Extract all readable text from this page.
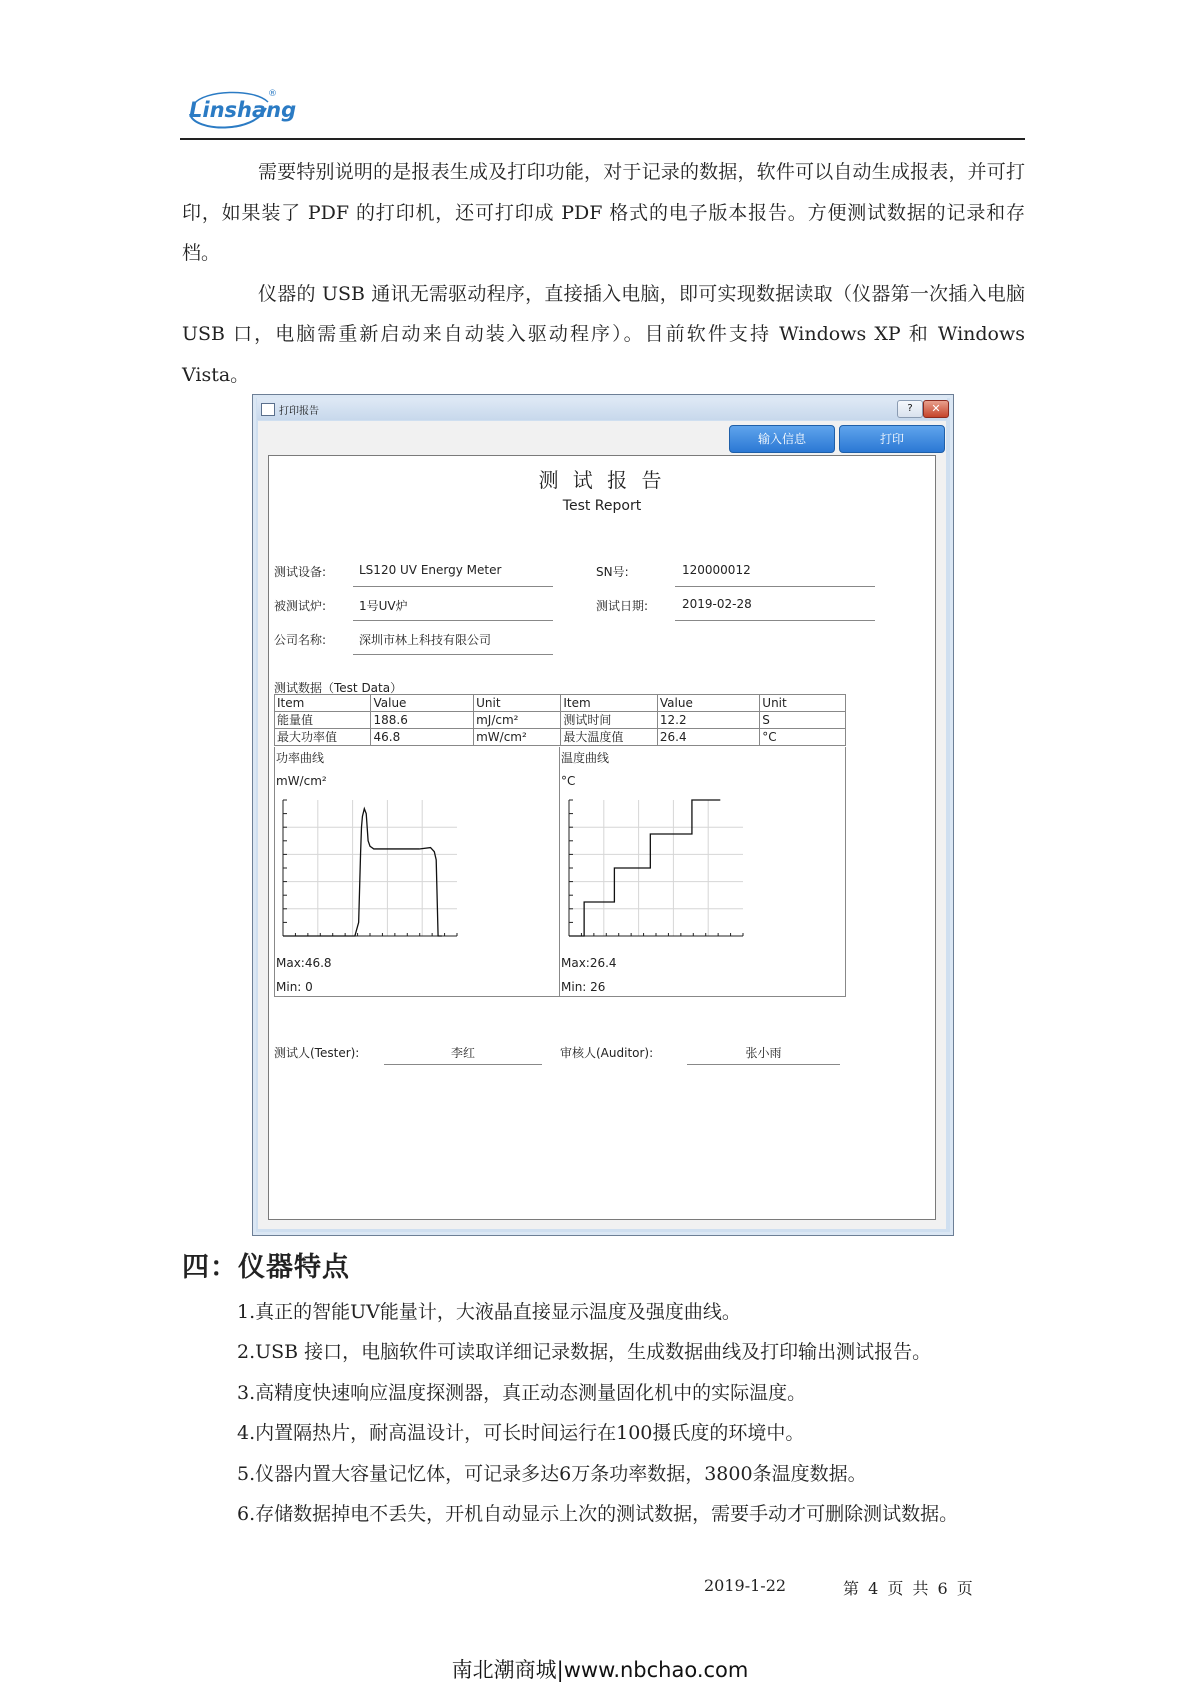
Linshang
®

需要特别说明的是报表生成及打印功能，对于记录的数据，软件可以自动生成报表，并可打印，如果装了 PDF 的打印机，还可打印成 PDF 格式的电子版本报告。方便测试数据的记录和存档。

仪器的 USB 通讯无需驱动程序，直接插入电脑，即可实现数据读取（仪器第一次插入电脑 USB 口，电脑需重新启动来自动装入驱动程序）。目前软件支持 Windows XP 和 Windows Vista。

打印报告	?	✕
输入信息	打印
测 试 报 告
Test Report
测试设备:	LS120 UV Energy Meter	SN号:	120000012
被测试炉:	1号UV炉	测试日期:	2019-02-28
公司名称:	深圳市林上科技有限公司
测试数据（Test Data）
Item	Value	Unit	Item	Value	Unit
能量值	188.6	mJ/cm²	测试时间	12.2	S
最大功率值	46.8	mW/cm²	最大温度值	26.4	°C
功率曲线
mW/cm²
Max:46.8
Min: 0
温度曲线
°C
Max:26.4
Min: 26
测试人(Tester):	李红	审核人(Auditor):	张小雨
四：仪器特点
1.真正的智能UV能量计，大液晶直接显示温度及强度曲线。
2.USB 接口，电脑软件可读取详细记录数据，生成数据曲线及打印输出测试报告。
3.高精度快速响应温度探测器，真正动态测量固化机中的实际温度。
4.内置隔热片，耐高温设计，可长时间运行在100摄氏度的环境中。
5.仪器内置大容量记忆体，可记录多达6万条功率数据，3800条温度数据。
6.存储数据掉电不丢失，开机自动显示上次的测试数据，需要手动才可删除测试数据。
2019-1-22	第 4 页 共 6 页
南北潮商城|www.nbchao.com
